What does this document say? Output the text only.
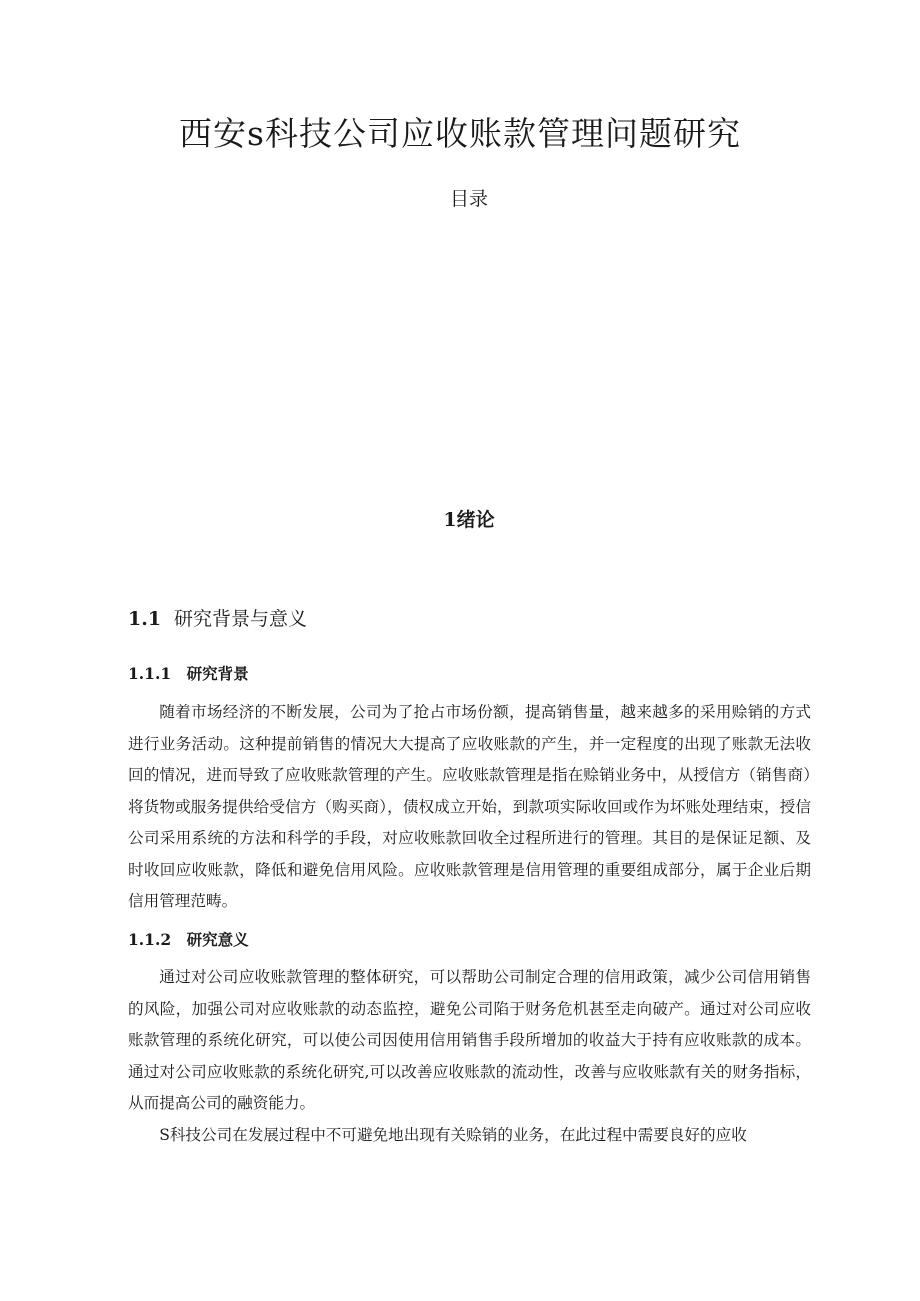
西安s科技公司应收账款管理问题研究
目录
1绪论
1.1 研究背景与意义
1.1.1 研究背景

随着市场经济的不断发展，公司为了抢占市场份额，提高销售量，越来越多的采用赊销的方式进行业务活动。这种提前销售的情况大大提高了应收账款的产生，并一定程度的出现了账款无法收回的情况，进而导致了应收账款管理的产生。应收账款管理是指在赊销业务中，从授信方（销售商）将货物或服务提供给受信方（购买商），债权成立开始，到款项实际收回或作为坏账处理结束，授信公司采用系统的方法和科学的手段，对应收账款回收全过程所进行的管理。其目的是保证足额、及时收回应收账款，降低和避免信用风险。应收账款管理是信用管理的重要组成部分，属于企业后期信用管理范畴。

1.1.2 研究意义

通过对公司应收账款管理的整体研究，可以帮助公司制定合理的信用政策，减少公司信用销售的风险，加强公司对应收账款的动态监控，避免公司陷于财务危机甚至走向破产。通过对公司应收账款管理的系统化研究，可以使公司因使用信用销售手段所增加的收益大于持有应收账款的成本。通过对公司应收账款的系统化研究,可以改善应收账款的流动性，改善与应收账款有关的财务指标，从而提高公司的融资能力。

S科技公司在发展过程中不可避免地出现有关赊销的业务，在此过程中需要良好的应收
